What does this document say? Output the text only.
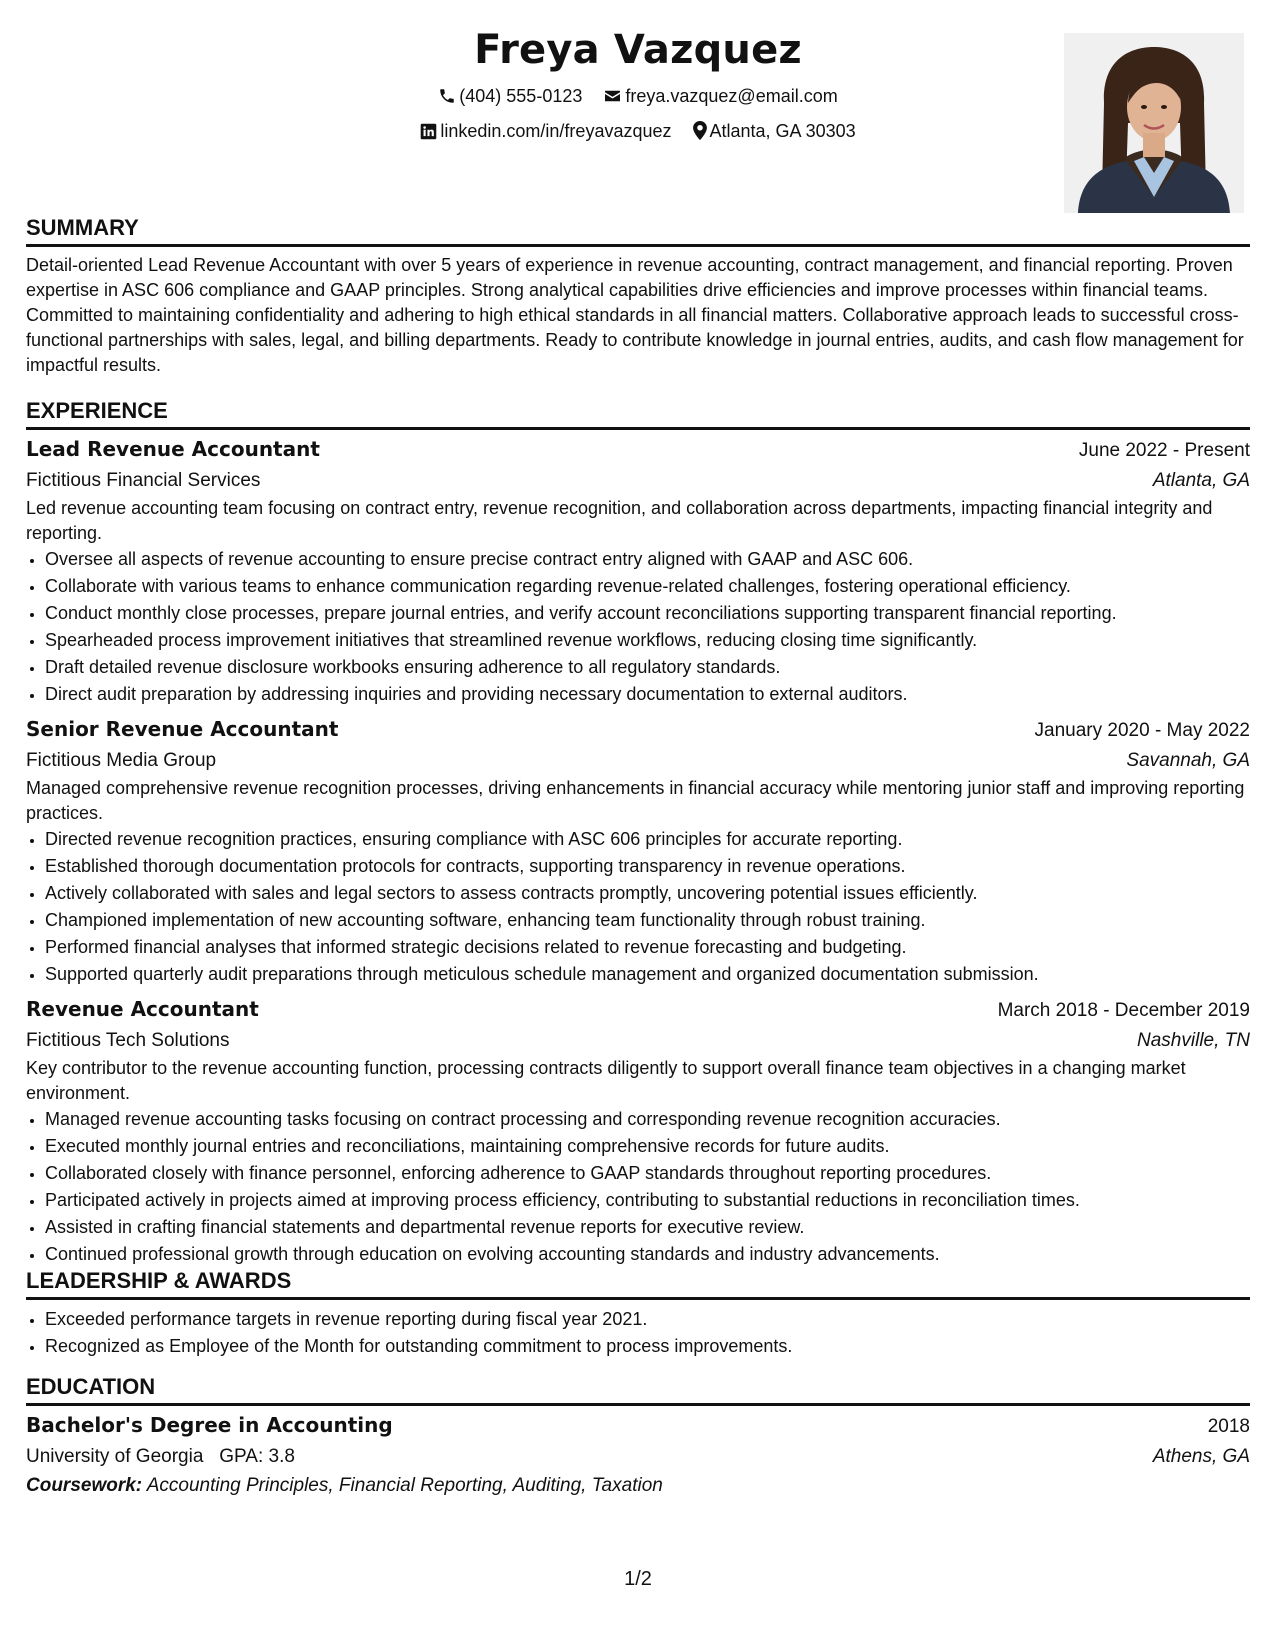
Freya Vazquez
(404) 555-0123 freya.vazquez@email.com
linkedin.com/in/freyavazquez Atlanta, GA 30303
SUMMARY

Detail-oriented Lead Revenue Accountant with over 5 years of experience in revenue accounting, contract management, and financial reporting. Proven expertise in ASC 606 compliance and GAAP principles. Strong analytical capabilities drive efficiencies and improve processes within financial teams. Committed to maintaining confidentiality and adhering to high ethical standards in all financial matters. Collaborative approach leads to successful cross-functional partnerships with sales, legal, and billing departments. Ready to contribute knowledge in journal entries, audits, and cash flow management for impactful results.

EXPERIENCE
Lead Revenue Accountant	June 2022 - Present
Fictitious Financial Services	Atlanta, GA

Led revenue accounting team focusing on contract entry, revenue recognition, and collaboration across departments, impacting financial integrity and reporting.

• Oversee all aspects of revenue accounting to ensure precise contract entry aligned with GAAP and ASC 606.
• Collaborate with various teams to enhance communication regarding revenue-related challenges, fostering operational efficiency.
• Conduct monthly close processes, prepare journal entries, and verify account reconciliations supporting transparent financial reporting.
• Spearheaded process improvement initiatives that streamlined revenue workflows, reducing closing time significantly.
• Draft detailed revenue disclosure workbooks ensuring adherence to all regulatory standards.
• Direct audit preparation by addressing inquiries and providing necessary documentation to external auditors.
Senior Revenue Accountant	January 2020 - May 2022
Fictitious Media Group	Savannah, GA

Managed comprehensive revenue recognition processes, driving enhancements in financial accuracy while mentoring junior staff and improving reporting practices.

• Directed revenue recognition practices, ensuring compliance with ASC 606 principles for accurate reporting.
• Established thorough documentation protocols for contracts, supporting transparency in revenue operations.
• Actively collaborated with sales and legal sectors to assess contracts promptly, uncovering potential issues efficiently.
• Championed implementation of new accounting software, enhancing team functionality through robust training.
• Performed financial analyses that informed strategic decisions related to revenue forecasting and budgeting.
• Supported quarterly audit preparations through meticulous schedule management and organized documentation submission.
Revenue Accountant	March 2018 - December 2019
Fictitious Tech Solutions	Nashville, TN

Key contributor to the revenue accounting function, processing contracts diligently to support overall finance team objectives in a changing market environment.

• Managed revenue accounting tasks focusing on contract processing and corresponding revenue recognition accuracies.
• Executed monthly journal entries and reconciliations, maintaining comprehensive records for future audits.
• Collaborated closely with finance personnel, enforcing adherence to GAAP standards throughout reporting procedures.
• Participated actively in projects aimed at improving process efficiency, contributing to substantial reductions in reconciliation times.
• Assisted in crafting financial statements and departmental revenue reports for executive review.
• Continued professional growth through education on evolving accounting standards and industry advancements.
LEADERSHIP & AWARDS
• Exceeded performance targets in revenue reporting during fiscal year 2021.
• Recognized as Employee of the Month for outstanding commitment to process improvements.
EDUCATION
Bachelor's Degree in Accounting	2018
University of Georgia GPA: 3.8	Athens, GA
Coursework: Accounting Principles, Financial Reporting, Auditing, Taxation
1/2
